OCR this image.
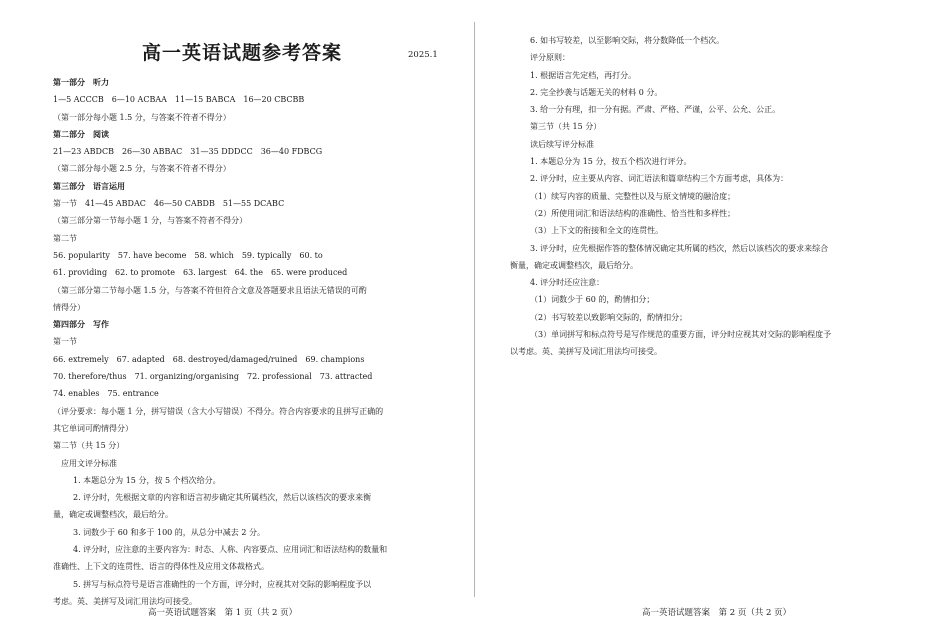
高一英语试题参考答案	2025.1
第一部分　听力
1—5 ACCCB　6—10 ACBAA　11—15 BABCA　16—20 CBCBB
（第一部分每小题 1.5 分，与答案不符者不得分）
第二部分　阅读
21—23 ABDCB　26—30 ABBAC　31—35 DDDCC　36—40 FDBCG
（第二部分每小题 2.5 分，与答案不符者不得分）
第三部分　语言运用
第一节　41—45 ABDAC　46—50 CABDB　51—55 DCABC
（第三部分第一节每小题 1 分，与答案不符者不得分）
第二节
56. popularity　57. have become　58. which　59. typically　60. to
61. providing　62. to promote　63. largest　64. the　65. were produced
（第三部分第二节每小题 1.5 分，与答案不符但符合文意及答题要求且语法无错误的可酌
情得分）
第四部分　写作
第一节
66. extremely　67. adapted　68. destroyed/damaged/ruined　69. champions
70. therefore/thus　71. organizing/organising　72. professional　73. attracted
74. enables　75. entrance
（评分要求：每小题 1 分，拼写错误（含大小写错误）不得分。符合内容要求的且拼写正确的
其它单词可酌情得分）
第二节（共 15 分）
应用文评分标准
1. 本题总分为 15 分，按 5 个档次给分。
2. 评分时，先根据文章的内容和语言初步确定其所属档次，然后以该档次的要求来衡
量，确定或调整档次，最后给分。
3. 词数少于 60 和多于 100 的，从总分中减去 2 分。
4. 评分时，应注意的主要内容为：时态、人称、内容要点、应用词汇和语法结构的数量和
准确性、上下文的连贯性、语言的得体性及应用文体裁格式。
5. 拼写与标点符号是语言准确性的一个方面，评分时，应视其对交际的影响程度予以
考虑。英、美拼写及词汇用法均可接受。
高一英语试题答案　第 1 页（共 2 页）
6. 如书写较差，以至影响交际，将分数降低一个档次。
评分原则：
1. 根据语言先定档，再打分。
2. 完全抄袭与话题无关的材料 0 分。
3. 给一分有理，扣一分有据。严肃、严格、严谨，公平、公允、公正。
第三节（共 15 分）
读后续写评分标准
1. 本题总分为 15 分，按五个档次进行评分。
2. 评分时，应主要从内容、词汇语法和篇章结构三个方面考虑，具体为：
（1）续写内容的质量、完整性以及与原文情境的融洽度；
（2）所使用词汇和语法结构的准确性、恰当性和多样性；
（3）上下文的衔接和全文的连贯性。
3. 评分时，应先根据作答的整体情况确定其所属的档次，然后以该档次的要求来综合
衡量，确定或调整档次，最后给分。
4. 评分时还应注意：
（1）词数少于 60 的，酌情扣分；
（2）书写较差以致影响交际的，酌情扣分；
（3）单词拼写和标点符号是写作规范的重要方面，评分时应视其对交际的影响程度予
以考虑。英、美拼写及词汇用法均可接受。
高一英语试题答案　第 2 页（共 2 页）
